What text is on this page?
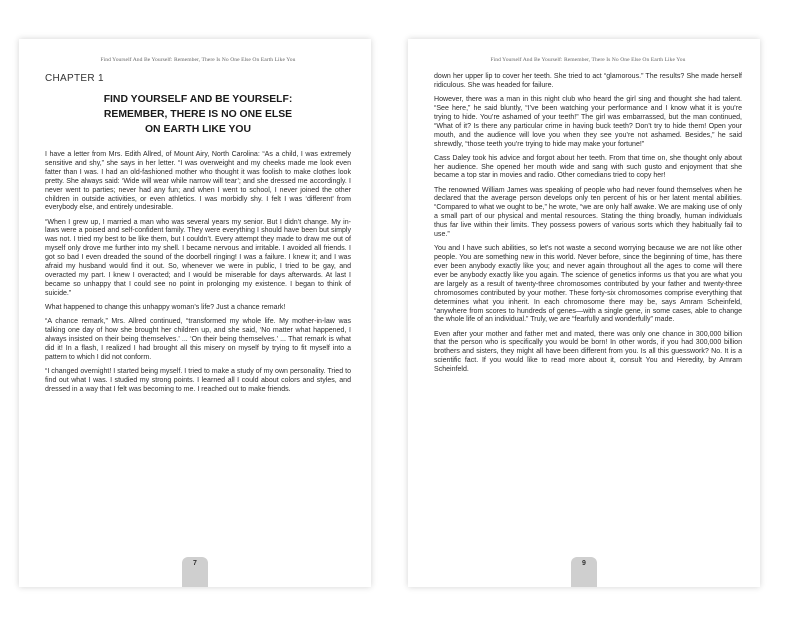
Find Yourself And Be Yourself: Remember, There Is No One Else On Earth Like You
CHAPTER 1
FIND YOURSELF AND BE YOURSELF:
REMEMBER, THERE IS NO ONE ELSE
ON EARTH LIKE YOU

I have a letter from Mrs. Edith Allred, of Mount Airy, North Carolina: “As a child, I was extremely sensitive and shy,” she says in her letter. “I was overweight and my cheeks made me look even fatter than I was. I had an old-fashioned mother who thought it was foolish to make clothes look pretty. She always said: ‘Wide will wear while narrow will tear’; and she dressed me accordingly. I never went to parties; never had any fun; and when I went to school, I never joined the other children in outside activities, or even athletics. I was morbidly shy. I felt I was ‘different’ from everybody else, and entirely undesirable.

“When I grew up, I married a man who was several years my senior. But I didn’t change. My in-laws were a poised and self-confident family. They were everything I should have been but simply was not. I tried my best to be like them, but I couldn’t. Every attempt they made to draw me out of myself only drove me further into my shell. I became nervous and irritable. I avoided all friends. I got so bad I even dreaded the sound of the doorbell ringing! I was a failure. I knew it; and I was afraid my husband would find it out. So, whenever we were in public, I tried to be gay, and overacted my part. I knew I overacted; and I would be miserable for days afterwards. At last I became so unhappy that I could see no point in prolonging my existence. I began to think of suicide.”

What happened to change this unhappy woman’s life? Just a chance remark!

“A chance remark,” Mrs. Allred continued, “transformed my whole life. My mother-in-law was talking one day of how she brought her children up, and she said, ‘No matter what happened, I always insisted on their being themselves.’ ... ‘On their being themselves.’ ... That remark is what did it! In a flash, I realized I had brought all this misery on myself by trying to fit myself into a pattern to which I did not conform.

“I changed overnight! I started being myself. I tried to make a study of my own personality. Tried to find out what I was. I studied my strong points. I learned all I could about colors and styles, and dressed in a way that I felt was becoming to me. I reached out to make friends.

7
Find Yourself And Be Yourself: Remember, There Is No One Else On Earth Like You

down her upper lip to cover her teeth. She tried to act “glamorous.” The results? She made herself ridiculous. She was headed for failure.

However, there was a man in this night club who heard the girl sing and thought she had talent. “See here,” he said bluntly, “I’ve been watching your performance and I know what it is you’re trying to hide. You’re ashamed of your teeth!” The girl was embarrassed, but the man continued, “What of it? Is there any particular crime in having buck teeth? Don’t try to hide them! Open your mouth, and the audience will love you when they see you’re not ashamed. Besides,” he said shrewdly, “those teeth you’re trying to hide may make your fortune!”

Cass Daley took his advice and forgot about her teeth. From that time on, she thought only about her audience. She opened her mouth wide and sang with such gusto and enjoyment that she became a top star in movies and radio. Other comedians tried to copy her!

The renowned William James was speaking of people who had never found themselves when he declared that the average person develops only ten percent of his or her latent mental abilities. “Compared to what we ought to be,” he wrote, “we are only half awake. We are making use of only a small part of our physical and mental resources. Stating the thing broadly, human individuals thus far live within their limits. They possess powers of various sorts which they habitually fail to use.”

You and I have such abilities, so let’s not waste a second worrying because we are not like other people. You are something new in this world. Never before, since the beginning of time, has there ever been anybody exactly like you; and never again throughout all the ages to come will there ever be anybody exactly like you again. The science of genetics informs us that you are what you are largely as a result of twenty-three chromosomes contributed by your father and twenty-three chromosomes contributed by your mother. These forty-six chromosomes comprise everything that determines what you inherit. In each chromosome there may be, says Amram Scheinfeld, “anywhere from scores to hundreds of genes—with a single gene, in some cases, able to change the whole life of an individual.” Truly, we are “fearfully and wonderfully” made.

Even after your mother and father met and mated, there was only one chance in 300,000 billion that the person who is specifically you would be born! In other words, if you had 300,000 billion brothers and sisters, they might all have been different from you. Is all this guesswork? No. It is a scientific fact. If you would like to read more about it, consult You and Heredity, by Amram Scheinfeld.

9
